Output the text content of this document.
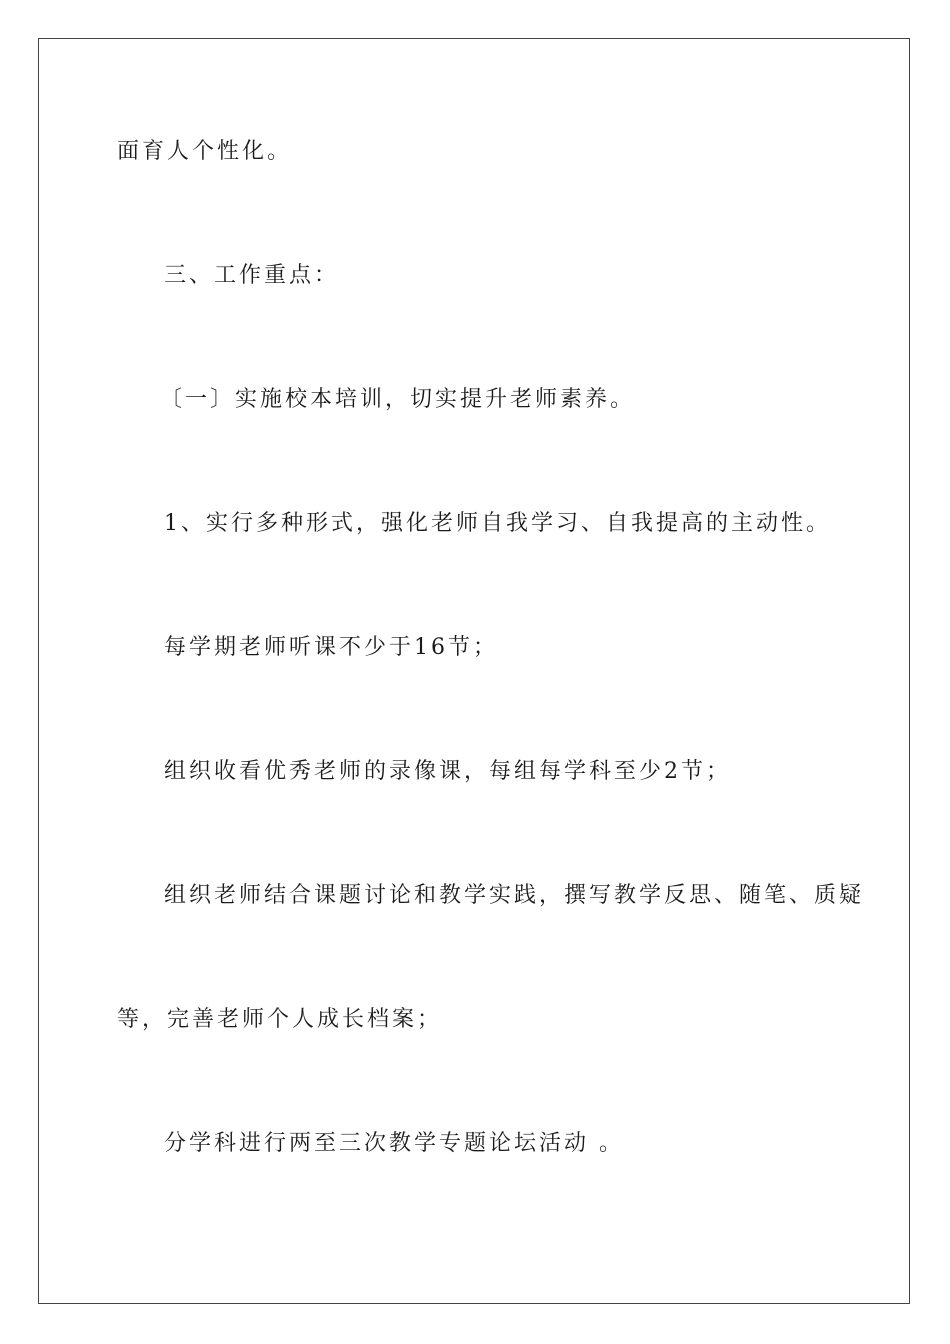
面育人个性化。
三、工作重点：
〔一〕实施校本培训，切实提升老师素养。
1、实行多种形式，强化老师自我学习、自我提高的主动性。
每学期老师听课不少于16节；
组织收看优秀老师的录像课，每组每学科至少2节；
组织老师结合课题讨论和教学实践，撰写教学反思、随笔、质疑
等，完善老师个人成长档案；
分学科进行两至三次教学专题论坛活动 。
